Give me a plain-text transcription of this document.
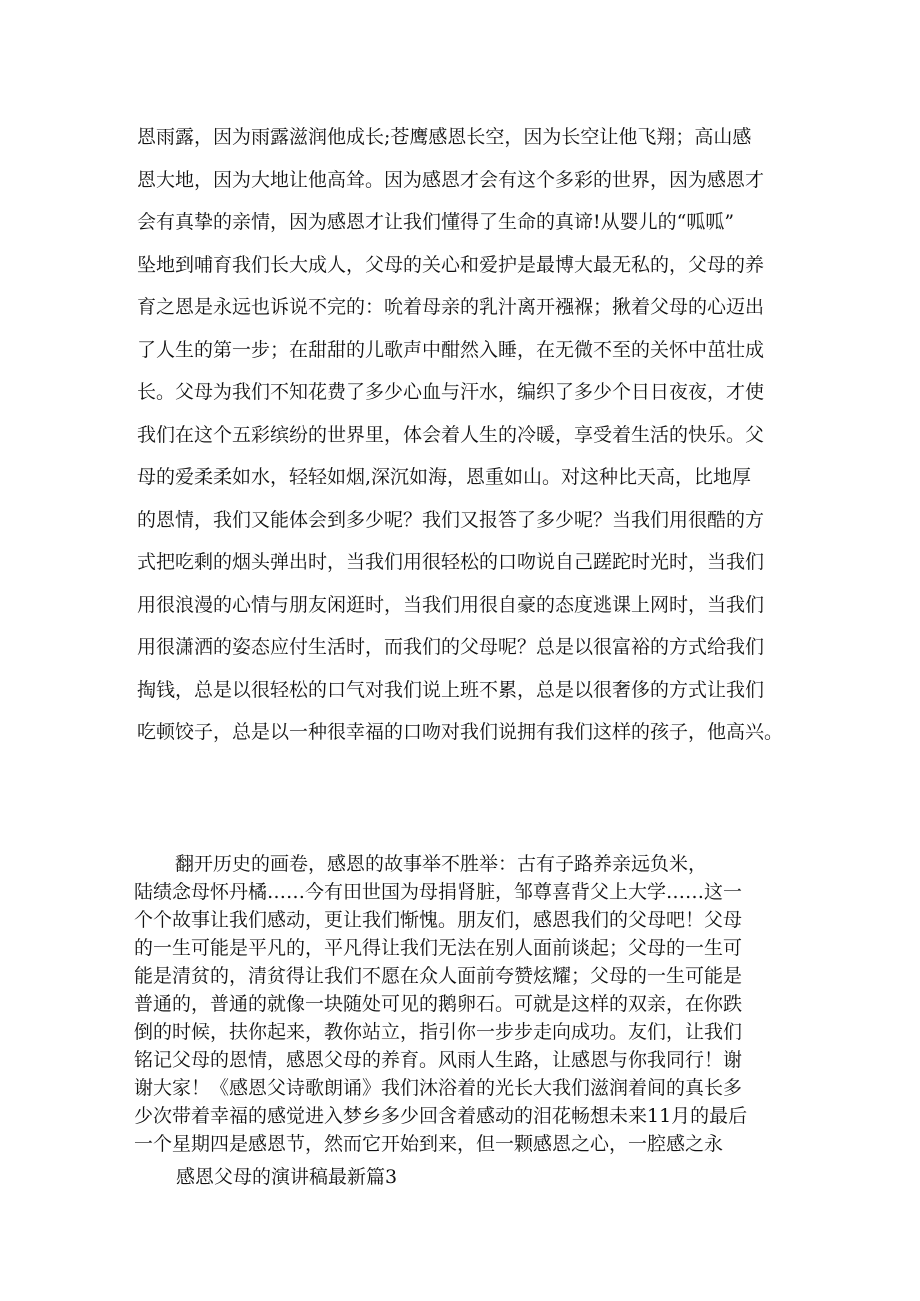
恩雨露，因为雨露滋润他成长;苍鹰感恩长空，因为长空让他飞翔；高山感
恩大地，因为大地让他高耸。因为感恩才会有这个多彩的世界，因为感恩才
会有真挚的亲情，因为感恩才让我们懂得了生命的真谛!从婴儿的“呱呱”
坠地到哺育我们长大成人，父母的关心和爱护是最博大最无私的，父母的养
育之恩是永远也诉说不完的：吮着母亲的乳汁离开襁褓；揪着父母的心迈出
了人生的第一步；在甜甜的儿歌声中酣然入睡，在无微不至的关怀中茁壮成
长。父母为我们不知花费了多少心血与汗水，编织了多少个日日夜夜，才使
我们在这个五彩缤纷的世界里，体会着人生的冷暖，享受着生活的快乐。父
母的爱柔柔如水，轻轻如烟,深沉如海，恩重如山。对这种比天高，比地厚
的恩情，我们又能体会到多少呢？我们又报答了多少呢？当我们用很酷的方
式把吃剩的烟头弹出时，当我们用很轻松的口吻说自己蹉跎时光时，当我们
用很浪漫的心情与朋友闲逛时，当我们用很自豪的态度逃课上网时，当我们
用很潇洒的姿态应付生活时，而我们的父母呢？总是以很富裕的方式给我们
掏钱，总是以很轻松的口气对我们说上班不累，总是以很奢侈的方式让我们
吃顿饺子，总是以一种很幸福的口吻对我们说拥有我们这样的孩子，他高兴。
翻开历史的画卷，感恩的故事举不胜举：古有子路养亲远负米，
陆绩念母怀丹橘……今有田世国为母捐肾脏，邹尊喜背父上大学……这一
个个故事让我们感动，更让我们惭愧。朋友们，感恩我们的父母吧！父母
的一生可能是平凡的，平凡得让我们无法在别人面前谈起；父母的一生可
能是清贫的，清贫得让我们不愿在众人面前夸赞炫耀；父母的一生可能是
普通的，普通的就像一块随处可见的鹅卵石。可就是这样的双亲，在你跌
倒的时候，扶你起来，教你站立，指引你一步步走向成功。友们，让我们
铭记父母的恩情，感恩父母的养育。风雨人生路，让感恩与你我同行！谢
谢大家！《感恩父诗歌朗诵》我们沐浴着的光长大我们滋润着间的真长多
少次带着幸福的感觉进入梦乡多少回含着感动的泪花畅想未来11月的最后
一个星期四是感恩节，然而它开始到来，但一颗感恩之心，一腔感之永
感恩父母的演讲稿最新篇3
